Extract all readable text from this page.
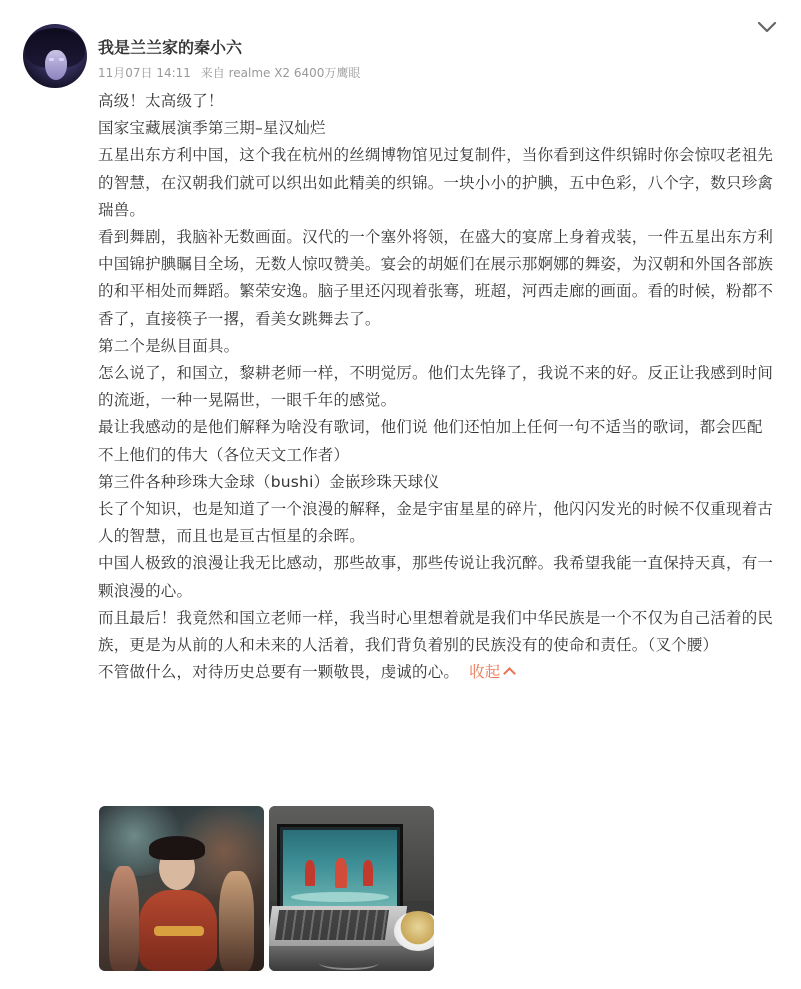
我是兰兰家的秦小六
11月07日 14:11 来自 realme X2 6400万鹰眼

高级！太高级了！

国家宝藏展演季第三期–星汉灿烂

五星出东方利中国，这个我在杭州的丝绸博物馆见过复制件，当你看到这件织锦时你会惊叹老祖先的智慧，在汉朝我们就可以织出如此精美的织锦。一块小小的护腆，五中色彩，八个字，数只珍禽瑞兽。

看到舞剧，我脑补无数画面。汉代的一个塞外将领，在盛大的宴席上身着戎装，一件五星出东方利中国锦护腆瞩目全场，无数人惊叹赞美。宴会的胡姬们在展示那婀娜的舞姿，为汉朝和外国各部族的和平相处而舞蹈。繁荣安逸。脑子里还闪现着张骞，班超，河西走廊的画面。看的时候，粉都不香了，直接筷子一撂，看美女跳舞去了。

第二个是纵目面具。

怎么说了，和国立，黎耕老师一样，不明觉厉。他们太先锋了，我说不来的好。反正让我感到时间的流逝，一种一晃隔世，一眼千年的感觉。

最让我感动的是他们解释为啥没有歌词，他们说 他们还怕加上任何一句不适当的歌词，都会匹配不上他们的伟大（各位天文工作者）

第三件各种珍珠大金球（bushi）金嵌珍珠天球仪

长了个知识，也是知道了一个浪漫的解释，金是宇宙星星的碎片，他闪闪发光的时候不仅重现着古人的智慧，而且也是亘古恒星的余晖。

中国人极致的浪漫让我无比感动，那些故事，那些传说让我沉醉。我希望我能一直保持天真，有一颗浪漫的心。

而且最后！我竟然和国立老师一样，我当时心里想着就是我们中华民族是一个不仅为自己活着的民族，更是为从前的人和未来的人活着，我们背负着别的民族没有的使命和责任。（叉个腰）

不管做什么，对待历史总要有一颗敬畏，虔诚的心。 收起
